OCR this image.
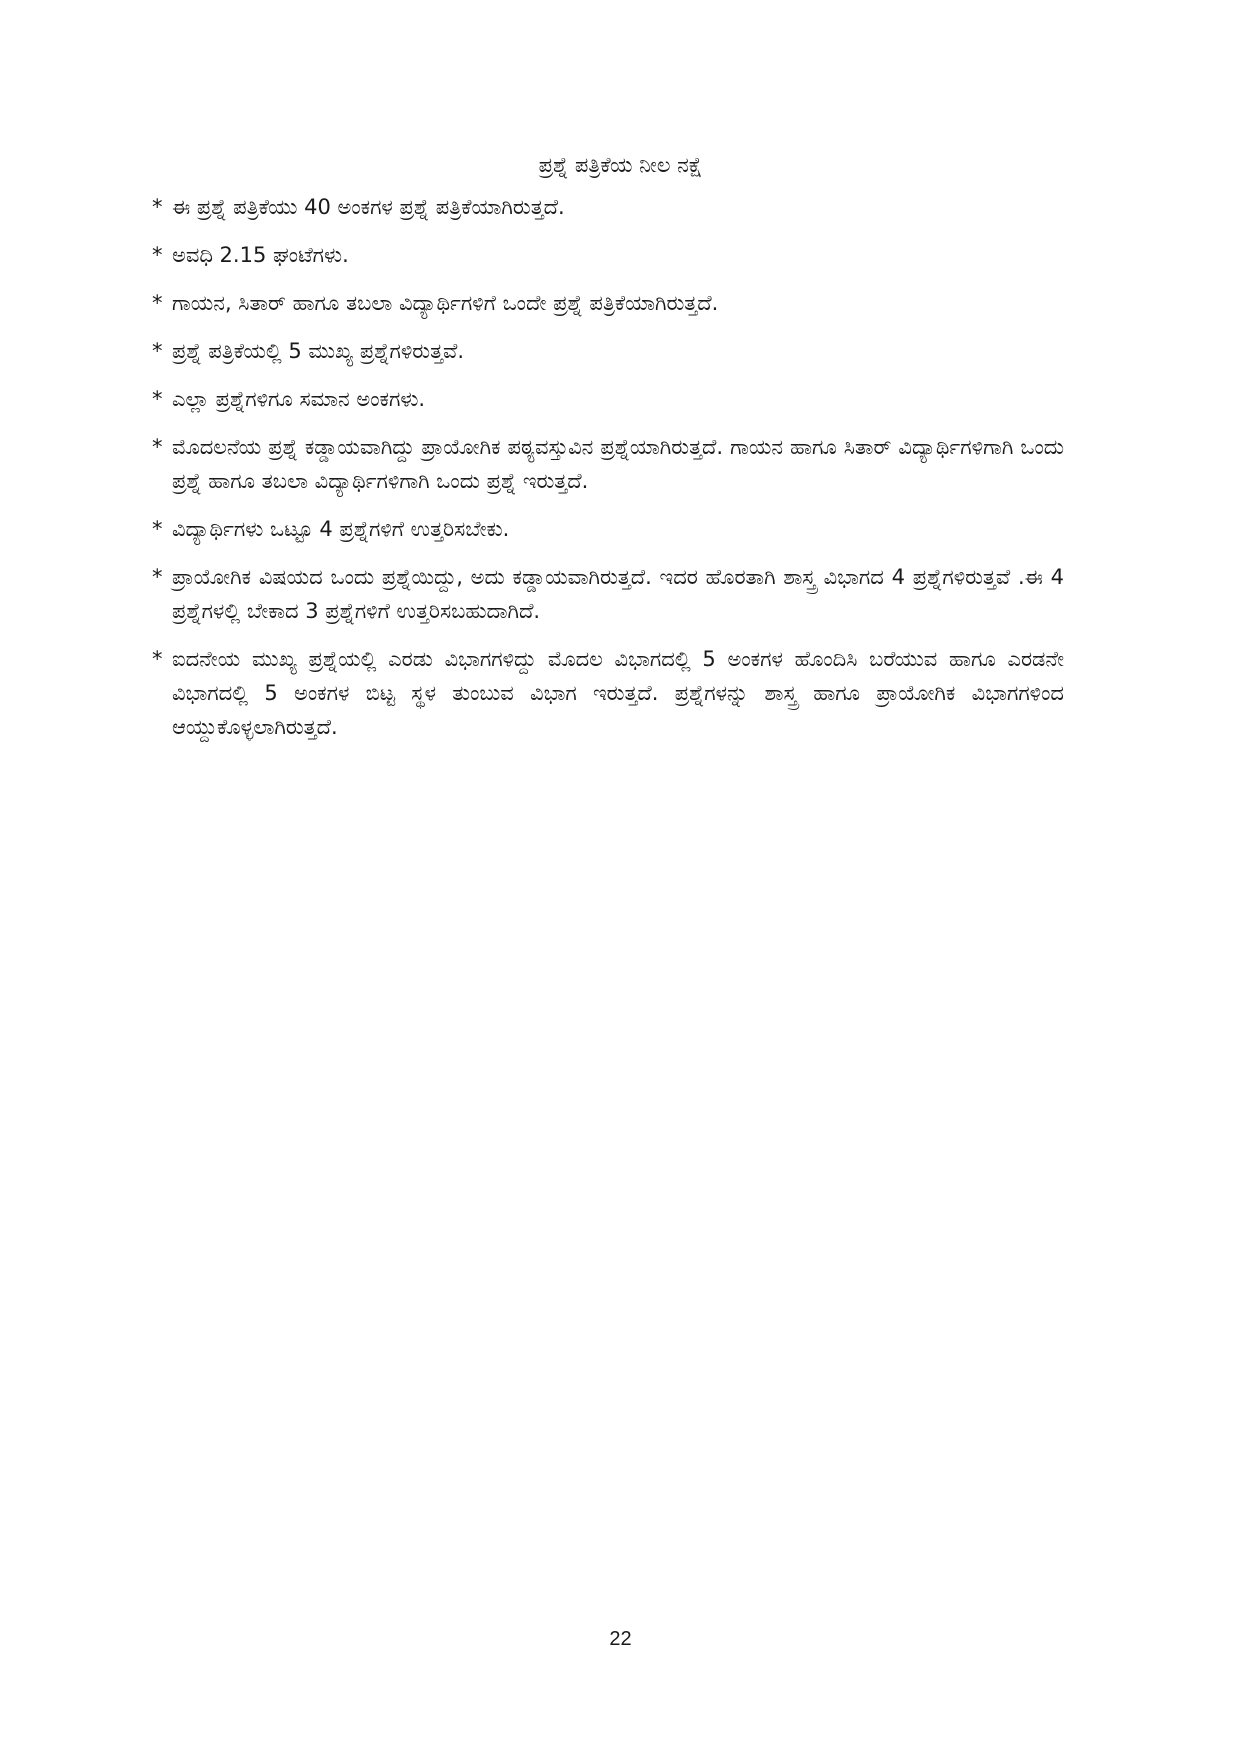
ಪ್ರಶ್ನೆ ಪತ್ರಿಕೆಯ ನೀಲ ನಕ್ಷೆ
* ಈ ಪ್ರಶ್ನೆ ಪತ್ರಿಕೆಯು 40 ಅಂಕಗಳ ಪ್ರಶ್ನೆ ಪತ್ರಿಕೆಯಾಗಿರುತ್ತದೆ.
* ಅವಧಿ 2.15 ಘಂಟೆಗಳು.
* ಗಾಯನ, ಸಿತಾರ್ ಹಾಗೂ ತಬಲಾ ವಿದ್ಯಾರ್ಥಿಗಳಿಗೆ ಒಂದೇ ಪ್ರಶ್ನೆ ಪತ್ರಿಕೆಯಾಗಿರುತ್ತದೆ.
* ಪ್ರಶ್ನೆ ಪತ್ರಿಕೆಯಲ್ಲಿ 5 ಮುಖ್ಯ ಪ್ರಶ್ನೆಗಳಿರುತ್ತವೆ.
* ಎಲ್ಲಾ ಪ್ರಶ್ನೆಗಳಿಗೂ ಸಮಾನ ಅಂಕಗಳು.
* ಮೊದಲನೆಯ ಪ್ರಶ್ನೆ ಕಡ್ಡಾಯವಾಗಿದ್ದು ಪ್ರಾಯೋಗಿಕ ಪಠ್ಯವಸ್ತುವಿನ ಪ್ರಶ್ನೆಯಾಗಿರುತ್ತದೆ. ಗಾಯನ ಹಾಗೂ ಸಿತಾರ್ ವಿದ್ಯಾರ್ಥಿಗಳಿಗಾಗಿ ಒಂದು ಪ್ರಶ್ನೆ ಹಾಗೂ ತಬಲಾ ವಿದ್ಯಾರ್ಥಿಗಳಿಗಾಗಿ ಒಂದು ಪ್ರಶ್ನೆ ಇರುತ್ತದೆ.
* ವಿದ್ಯಾರ್ಥಿಗಳು ಒಟ್ಟೂ 4 ಪ್ರಶ್ನೆಗಳಿಗೆ ಉತ್ತರಿಸಬೇಕು.
* ಪ್ರಾಯೋಗಿಕ ವಿಷಯದ ಒಂದು ಪ್ರಶ್ನೆಯಿದ್ದು, ಅದು ಕಡ್ಡಾಯವಾಗಿರುತ್ತದೆ. ಇದರ ಹೊರತಾಗಿ ಶಾಸ್ತ್ರ ವಿಭಾಗದ 4 ಪ್ರಶ್ನೆಗಳಿರುತ್ತವೆ .ಈ 4 ಪ್ರಶ್ನೆಗಳಲ್ಲಿ ಬೇಕಾದ 3 ಪ್ರಶ್ನೆಗಳಿಗೆ ಉತ್ತರಿಸಬಹುದಾಗಿದೆ.
* ಐದನೇಯ ಮುಖ್ಯ ಪ್ರಶ್ನೆಯಲ್ಲಿ ಎರಡು ವಿಭಾಗಗಳಿದ್ದು ಮೊದಲ ವಿಭಾಗದಲ್ಲಿ 5 ಅಂಕಗಳ ಹೊಂದಿಸಿ ಬರೆಯುವ ಹಾಗೂ ಎರಡನೇ ವಿಭಾಗದಲ್ಲಿ 5 ಅಂಕಗಳ ಬಿಟ್ಟ ಸ್ಥಳ ತುಂಬುವ ವಿಭಾಗ ಇರುತ್ತದೆ. ಪ್ರಶ್ನೆಗಳನ್ನು ಶಾಸ್ತ್ರ ಹಾಗೂ ಪ್ರಾಯೋಗಿಕ ವಿಭಾಗಗಳಿಂದ ಆಯ್ದುಕೊಳ್ಳಲಾಗಿರುತ್ತದೆ.
22
